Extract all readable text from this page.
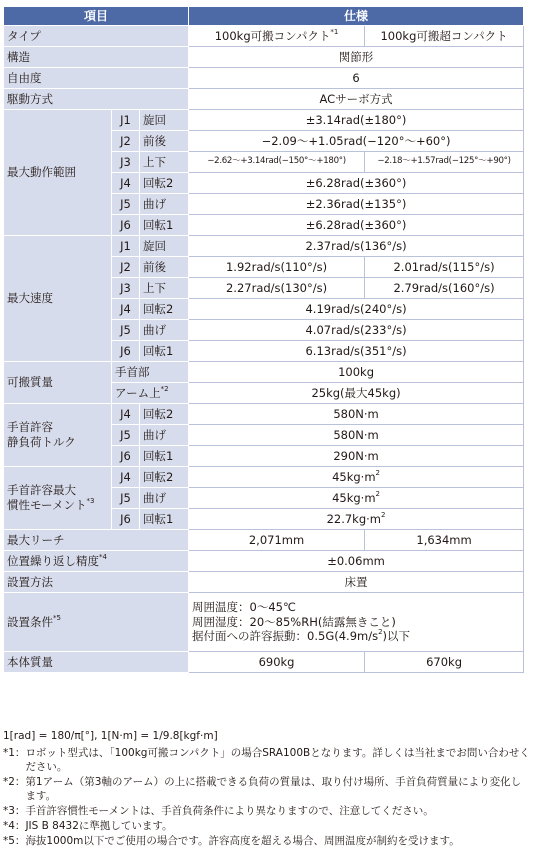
項目			仕様	
タイプ			100kg可搬コンパクト$^{*1}$	100kg可搬超コンパクト
構造			関節形	
自由度			6	
駆動方式			ACサーボ方式	
最大動作範囲	J1	旋回	±3.14rad(±180°)	
	J2	前後	−2.09〜+1.05rad(−120°〜+60°)	
	J3	上下	−2.62〜+3.14rad(−150°〜+180°)	−2.18〜+1.57rad(−125°〜+90°)
	J4	回転2	±6.28rad(±360°)	
	J5	曲げ	±2.36rad(±135°)	
	J6	回転1	±6.28rad(±360°)	
最大速度	J1	旋回	2.37rad/s(136°/s)	
	J2	前後	1.92rad/s(110°/s)	2.01rad/s(115°/s)
	J3	上下	2.27rad/s(130°/s)	2.79rad/s(160°/s)
	J4	回転2	4.19rad/s(240°/s)	
	J5	曲げ	4.07rad/s(233°/s)	
	J6	回転1	6.13rad/s(351°/s)	
可搬質量	手首部		100kg	
	アーム上$^{*2}$		25kg(最大45kg)	
手首許容
静負荷トルク	J4	回転2	580N·m	
	J5	曲げ	580N·m	
	J6	回転1	290N·m	
手首許容最大
慣性モーメント$^{*3}$	J4	回転2	$45kg\cdot m^2$
	J5	曲げ	$45kg\cdot m^2$
	J6	回転1	$22.7kg\cdot m^2$
最大リーチ			2,071mm	1,634mm
位置繰り返し精度$^{*4}$			±0.06mm	
設置方法			床置	
設置条件$^{*5}$			周囲温度：0〜45℃
周囲湿度：20〜85%RH(結露無きこと)
据付面への許容振動：$0.5G(4.9m/s^2)$以下	
本体質量			690kg	670kg
1[rad] = 180/π[°], 1[N·m] = 1/9.8[kgf·m]
*1： ロボット型式は、「100kg可搬コンパクト」の場合SRA100Bとなります。詳しくは当社までお問い合わせください。
*2： 第1アーム（第3軸のアーム）の上に搭載できる負荷の質量は、取り付け場所、手首負荷質量により変化します。
*3： 手首許容慣性モーメントは、手首負荷条件により異なりますので、注意してください。
*4： JIS B 8432に準拠しています。
*5： 海抜1000m以下でご使用の場合です。許容高度を超える場合、周囲温度が制約を受けます。
